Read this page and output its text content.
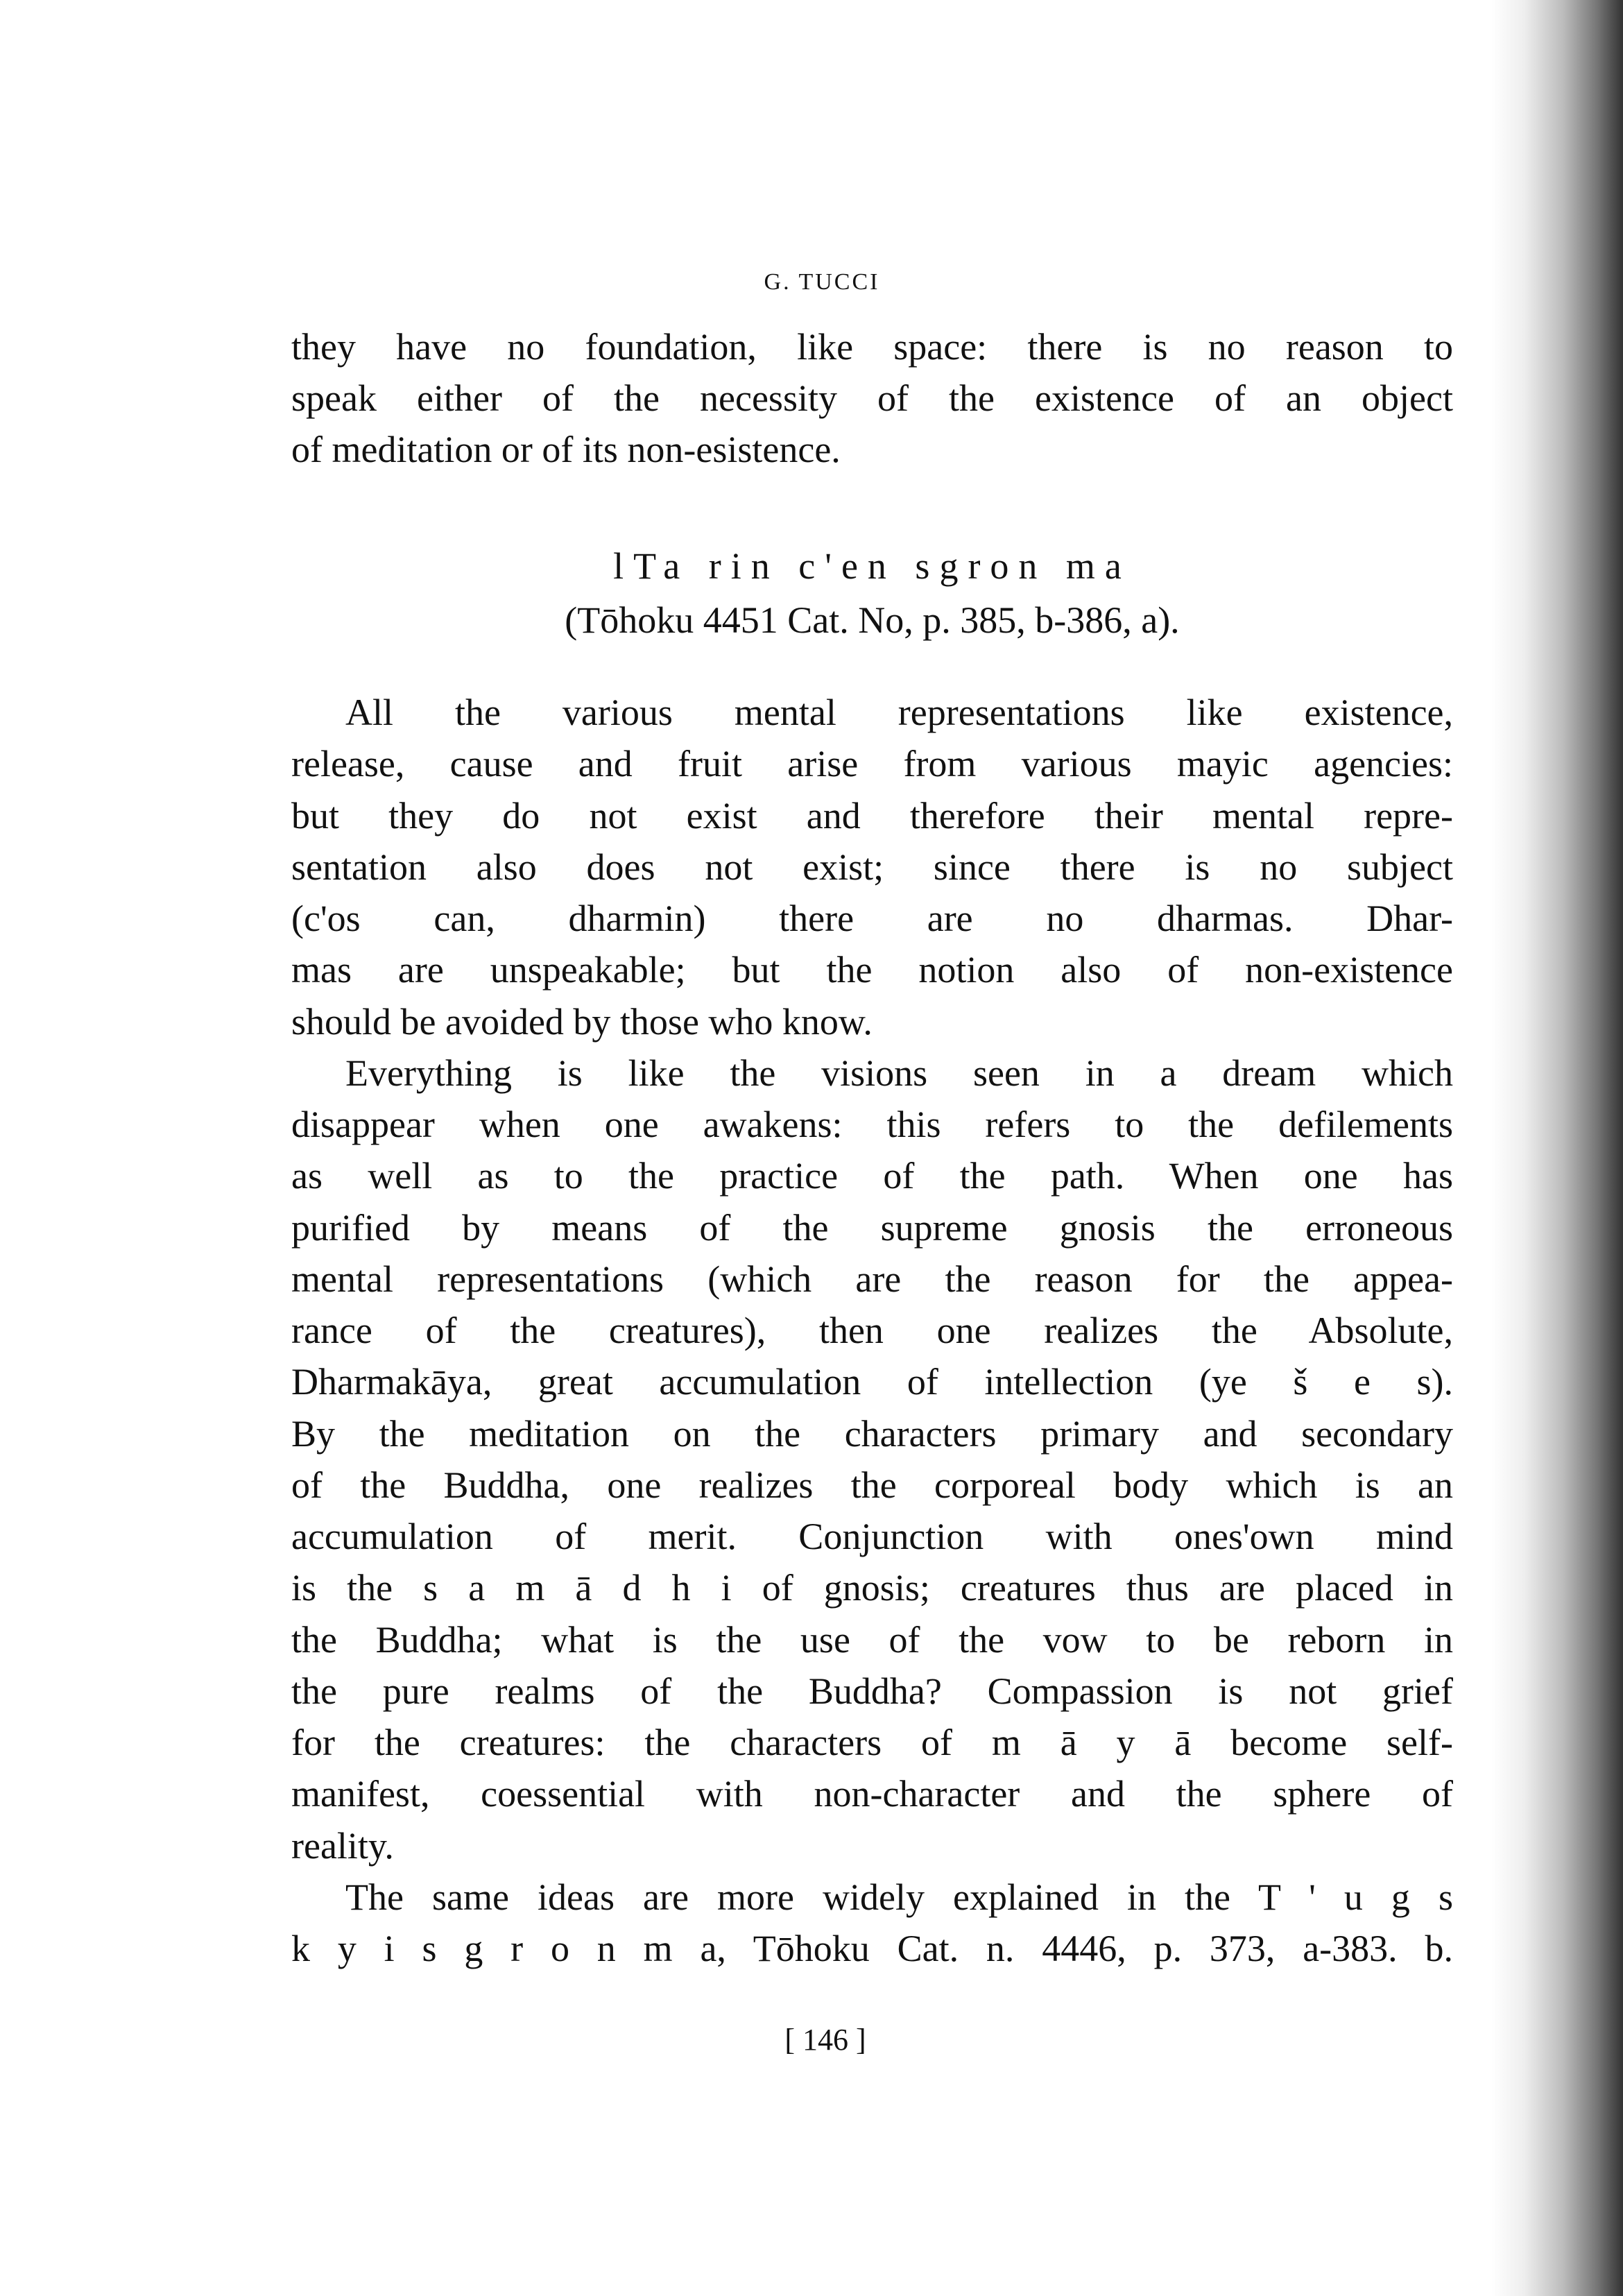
G. TUCCI
they have no foundation, like space: there is no reason to
speak either of the necessity of the existence of an object
of meditation or of its non-esistence.
lTa rin c'en sgron ma
(Tōhoku 4451 Cat. No, p. 385, b-386, a).
All the various mental representations like existence,
release, cause and fruit arise from various mayic agencies:
but they do not exist and therefore their mental repre-
sentation also does not exist; since there is no subject
(c'os can, dharmin) there are no dharmas. Dhar-
mas are unspeakable; but the notion also of non-existence
should be avoided by those who know.
Everything is like the visions seen in a dream which
disappear when one awakens: this refers to the defilements
as well as to the practice of the path. When one has
purified by means of the supreme gnosis the erroneous
mental representations (which are the reason for the appea-
rance of the creatures), then one realizes the Absolute,
Dharmakāya, great accumulation of intellection (ye š e s).
By the meditation on the characters primary and secondary
of the Buddha, one realizes the corporeal body which is an
accumulation of merit. Conjunction with ones'own mind
is the s a m ā d h i of gnosis; creatures thus are placed in
the Buddha; what is the use of the vow to be reborn in
the pure realms of the Buddha? Compassion is not grief
for the creatures: the characters of m ā y ā become self-
manifest, coessential with non-character and the sphere of
reality.
The same ideas are more widely explained in the T ' u g s
k y i s g r o n m a, Tōhoku Cat. n. 4446, p. 373, a-383. b.
[ 146 ]
